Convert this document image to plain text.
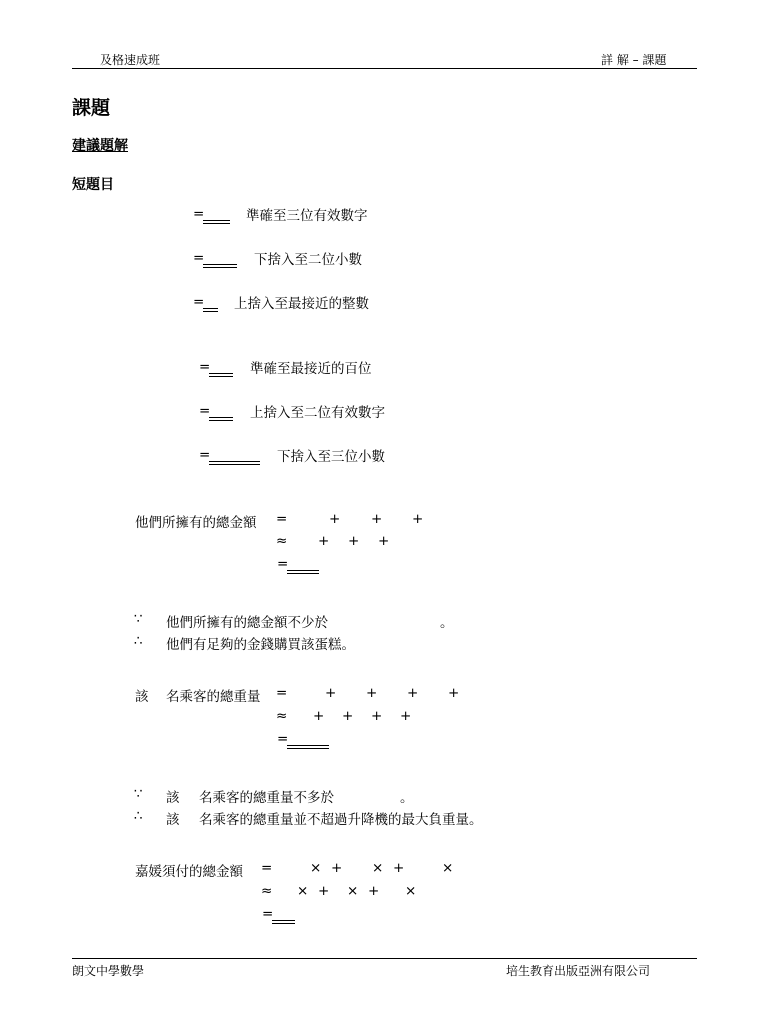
及格速成班	詳 解 – 課題
課題
建議題解
短題目
=	準確至三位有效數字
=	下捨入至二位小數
= 上捨入至最接近的整數
=	準確至最接近的百位
=	上捨入至二位有效數字
=	下捨入至三位小數
他們所擁有的總金額 =	+ + +
≈ + + +
=
∵ 他們所擁有的總金額不少於	。
∴ 他們有足夠的金錢購買該蛋糕。
該 名乘客的總重量 =	+ + + +
≈ + + + +
=
∵ 該 名乘客的總重量不多於	。
∴ 該 名乘客的總重量並不超過升降機的最大負重量。
嘉媛須付的總金額 =	× + × +	×
≈ × + × + ×
=
朗文中學數學	培生教育出版亞洲有限公司
